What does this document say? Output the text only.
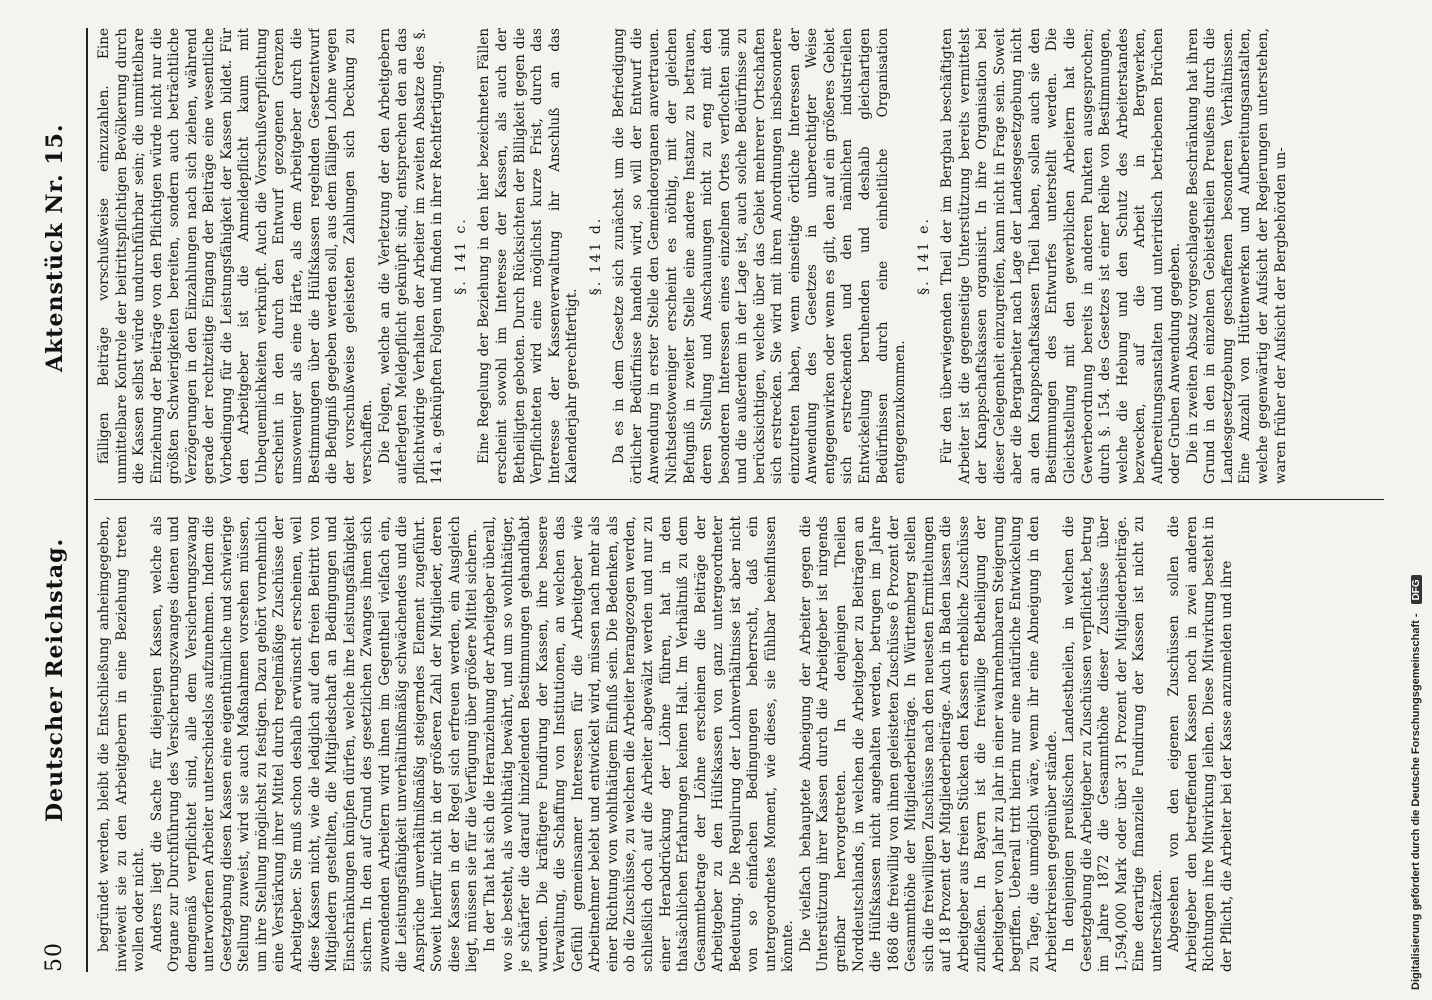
50
Deutscher Reichstag.
Aktenstück Nr. 15.

begründet werden, bleibt die Entschließung anheimgegeben, inwieweit sie zu den Arbeitgebern in eine Beziehung treten wollen oder nicht. Anders liegt die Sache für diejenigen Kassen, welche als Organe zur Durchführung des Versicherungszwanges dienen und demgemäß verpflichtet sind, alle dem Versicherungszwang unterworfenen Arbeiter unterschiedslos aufzunehmen. Indem die Gesetzgebung diesen Kassen eine eigenthümliche und schwierige Stellung zuweist, wird sie auch Maßnahmen vorsehen müssen, um ihre Stellung möglichst zu festigen. Dazu gehört vornehmlich eine Verstärkung ihrer Mittel durch regelmäßige Zuschüsse der Arbeitgeber. Sie muß schon deshalb erwünscht erscheinen, weil diese Kassen nicht, wie die lediglich auf den freien Beitritt von Mitgliedern gestellten, die Mitgliedschaft an Bedingungen und Einschränkungen knüpfen dürfen, welche ihre Leistungsfähigkeit sichern. In den auf Grund des gesetzlichen Zwanges ihnen sich zuwendenden Arbeitern wird ihnen im Gegentheil vielfach ein, die Leistungsfähigkeit unverhältnißmäßig schwächendes und die Ansprüche unverhältnißmäßig steigerndes Element zugeführt. Soweit hierfür nicht in der größeren Zahl der Mitglieder, deren diese Kassen in der Regel sich erfreuen werden, ein Ausgleich liegt, müssen sie für die Verfügung über größere Mittel sichern. In der That hat sich die Heranziehung der Arbeitgeber überall, wo sie besteht, als wohlthätig bewährt, und um so wohlthätiger, je schärfer die darauf hinzielenden Bestimmungen gehandhabt wurden. Die kräftigere Fundirung der Kassen, ihre bessere Verwaltung, die Schaffung von Institutionen, an welchen das Gefühl gemeinsamer Interessen für die Arbeitgeber wie Arbeitnehmer belebt und entwickelt wird, müssen nach mehr als einer Richtung von wohlthätigem Einfluß sein. Die Bedenken, als ob die Zuschüsse, zu welchen die Arbeiter herangezogen werden, schließlich doch auf die Arbeiter abgewälzt werden und nur zu einer Herabdrückung der Löhne führen, hat in den thatsächlichen Erfahrungen keinen Halt. Im Verhältniß zu dem Gesammtbetrage der Löhne erscheinen die Beiträge der Arbeitgeber zu den Hülfskassen von ganz untergeordneter Bedeutung. Die Regulirung der Lohnverhältnisse ist aber nicht von so einfachen Bedingungen beherrscht, daß ein untergeordnetes Moment, wie dieses, sie fühlbar beeinflussen könnte. Die vielfach behauptete Abneigung der Arbeiter gegen die Unterstützung ihrer Kassen durch die Arbeitgeber ist nirgends greifbar hervorgetreten. In denjenigen Theilen Norddeutschlands, in welchen die Arbeitgeber zu Beiträgen an die Hülfskassen nicht angehalten werden, betrugen im Jahre 1868 die freiwillig von ihnen geleisteten Zuschüsse 6 Prozent der Gesammthöhe der Mitgliederbeiträge. In Württemberg stellen sich die freiwilligen Zuschüsse nach den neuesten Ermittelungen auf 18 Prozent der Mitgliederbeiträge. Auch in Baden lassen die Arbeitgeber aus freien Stücken den Kassen erhebliche Zuschüsse zufließen. In Bayern ist die freiwillige Betheiligung der Arbeitgeber von Jahr zu Jahr in einer wahrnehmbaren Steigerung begriffen. Ueberall tritt hierin nur eine natürliche Entwickelung zu Tage, die unmöglich wäre, wenn ihr eine Abneigung in den Arbeiterkreisen gegenüber stände. In denjenigen preußischen Landestheilen, in welchen die Gesetzgebung die Arbeitgeber zu Zuschüssen verpflichtet, betrug im Jahre 1872 die Gesammthöhe dieser Zuschüsse über 1,594,000 Mark oder über 31 Prozent der Mitgliederbeiträge. Eine derartige finanzielle Fundirung der Kassen ist nicht zu unterschätzen. Abgesehen von den eigenen Zuschüssen sollen die Arbeitgeber den betreffenden Kassen noch in zwei anderen Richtungen ihre Mitwirkung leihen. Diese Mitwirkung besteht in der Pflicht, die Arbeiter bei der Kasse anzumelden und ihre

fälligen Beiträge vorschußweise einzuzahlen. Eine unmittelbare Kontrole der beitrittspflichtigen Bevölkerung durch die Kassen selbst würde undurchführbar sein; die unmittelbare Einziehung der Beiträge von den Pflichtigen würde nicht nur die größten Schwierigkeiten bereiten, sondern auch beträchtliche Verzögerungen in den Einzahlungen nach sich ziehen, während gerade der rechtzeitige Eingang der Beiträge eine wesentliche Vorbedingung für die Leistungsfähigkeit der Kassen bildet. Für den Arbeitgeber ist die Anmeldepflicht kaum mit Unbequemlichkeiten verknüpft. Auch die Vorschußverpflichtung erscheint in den durch den Entwurf gezogenen Grenzen umsoweniger als eine Härte, als dem Arbeitgeber durch die Bestimmungen über die Hülfskassen regelnden Gesetzentwurf die Befugniß gegeben werden soll, aus dem fälligen Lohne wegen der vorschußweise geleisteten Zahlungen sich Deckung zu verschaffen. Die Folgen, welche an die Verletzung der den Arbeitgebern auferlegten Meldepflicht geknüpft sind, entsprechen den an das pflichtwidrige Verhalten der Arbeiter im zweiten Absatze des §. 141 a. geknüpften Folgen und finden in ihrer Rechtfertigung. §. 141 c. Eine Regelung der Beziehung in den hier bezeichneten Fällen erscheint sowohl im Interesse der Kassen, als auch der Betheiligten geboten. Durch Rücksichten der Billigkeit gegen die Verpflichteten wird eine möglichst kurze Frist, durch das Interesse der Kassenverwaltung ihr Anschluß an das Kalenderjahr gerechtfertigt.

§. 141 d. Da es in dem Gesetze sich zunächst um die Befriedigung örtlicher Bedürfnisse handeln wird, so will der Entwurf die Anwendung in erster Stelle den Gemeindeorganen anvertrauen. Nichtsdestoweniger erscheint es nöthig, mit der gleichen Befugniß in zweiter Stelle eine andere Instanz zu betrauen, deren Stellung und Anschauungen nicht zu eng mit den besonderen Interessen eines einzelnen Ortes verflochten sind und die außerdem in der Lage ist, auch solche Bedürfnisse zu berücksichtigen, welche über das Gebiet mehrerer Ortschaften sich erstrecken. Sie wird mit ihren Anordnungen insbesondere einzutreten haben, wenn einseitige örtliche Interessen der Anwendung des Gesetzes in unberechtigter Weise entgegenwirken oder wenn es gilt, den auf ein größeres Gebiet sich erstreckenden und den nämlichen industriellen Entwickelung beruhenden und deshalb gleichartigen Bedürfnissen durch eine einheitliche Organisation entgegenzukommen.

§. 141 e. Für den überwiegenden Theil der im Bergbau beschäftigten Arbeiter ist die gegenseitige Unterstützung bereits vermittelst der Knappschaftskassen organisirt. In ihre Organisation bei dieser Gelegenheit einzugreifen, kann nicht in Frage sein. Soweit aber die Bergarbeiter nach Lage der Landesgesetzgebung nicht an den Knappschaftskassen Theil haben, sollen auch sie den Bestimmungen des Entwurfes unterstellt werden. Die Gleichstellung mit den gewerblichen Arbeitern hat die Gewerbeordnung bereits in anderen Punkten ausgesprochen; durch §. 154. des Gesetzes ist einer Reihe von Bestimmungen, welche die Hebung und den Schutz des Arbeiterstandes bezwecken, auf die Arbeit in Bergwerken, Aufbereitungsanstalten und unterirdisch betriebenen Brüchen oder Gruben Anwendung gegeben. Die in zweiten Absatz vorgeschlagene Beschränkung hat ihren Grund in den in einzelnen Gebietstheilen Preußens durch die Landesgesetzgebung geschaffenen besonderen Verhältnissen. Eine Anzahl von Hüttenwerken und Aufbereitungsanstalten, welche gegenwärtig der Aufsicht der Regierungen unterstehen, waren früher der Aufsicht der Bergbehörden un-

Digitalisierung gefördert durch die Deutsche Forschungsgemeinschaft - DFG
